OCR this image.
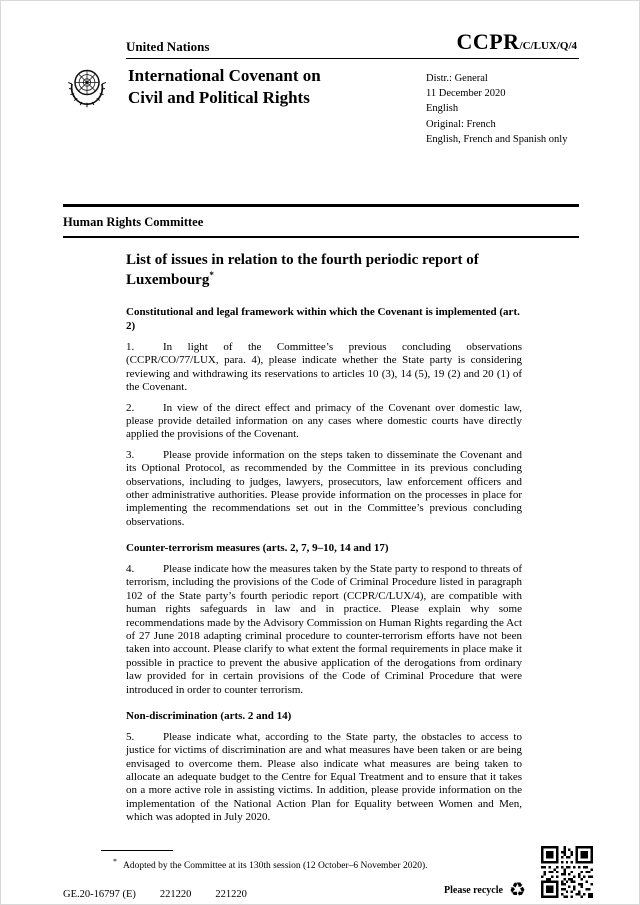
United Nations	CCPR/C/LUX/Q/4
International Covenant on
Civil and Political Rights
Distr.: General
11 December 2020
English
Original: French
English, French and Spanish only
Human Rights Committee
List of issues in relation to the fourth periodic report of
Luxembourg*
Constitutional and legal framework within which the Covenant is implemented (art. 2)

1.	In light of the Committee’s previous concluding observations (CCPR/CO/77/LUX, para. 4), please indicate whether the State party is considering reviewing and withdrawing its reservations to articles 10 (3), 14 (5), 19 (2) and 20 (1) of the Covenant.

2.	In view of the direct effect and primacy of the Covenant over domestic law, please provide detailed information on any cases where domestic courts have directly applied the provisions of the Covenant.

3.	Please provide information on the steps taken to disseminate the Covenant and its Optional Protocol, as recommended by the Committee in its previous concluding observations, including to judges, lawyers, prosecutors, law enforcement officers and other administrative authorities. Please provide information on the processes in place for implementing the recommendations set out in the Committee’s previous concluding observations.

Counter-terrorism measures (arts. 2, 7, 9–10, 14 and 17)

4.	Please indicate how the measures taken by the State party to respond to threats of terrorism, including the provisions of the Code of Criminal Procedure listed in paragraph 102 of the State party’s fourth periodic report (CCPR/C/LUX/4), are compatible with human rights safeguards in law and in practice. Please explain why some recommendations made by the Advisory Commission on Human Rights regarding the Act of 27 June 2018 adapting criminal procedure to counter-terrorism efforts have not been taken into account. Please clarify to what extent the formal requirements in place make it possible in practice to prevent the abusive application of the derogations from ordinary law provided for in certain provisions of the Code of Criminal Procedure that were introduced in order to counter terrorism.

Non-discrimination (arts. 2 and 14)

5.	Please indicate what, according to the State party, the obstacles to access to justice for victims of discrimination are and what measures have been taken or are being envisaged to overcome them. Please also indicate what measures are being taken to allocate an adequate budget to the Centre for Equal Treatment and to ensure that it takes on a more active role in assisting victims. In addition, please provide information on the implementation of the National Action Plan for Equality between Women and Men, which was adopted in July 2020.

* Adopted by the Committee at its 130th session (12 October–6 November 2020).
GE.20-16797 (E) 221220 221220	Please recycle ♻
